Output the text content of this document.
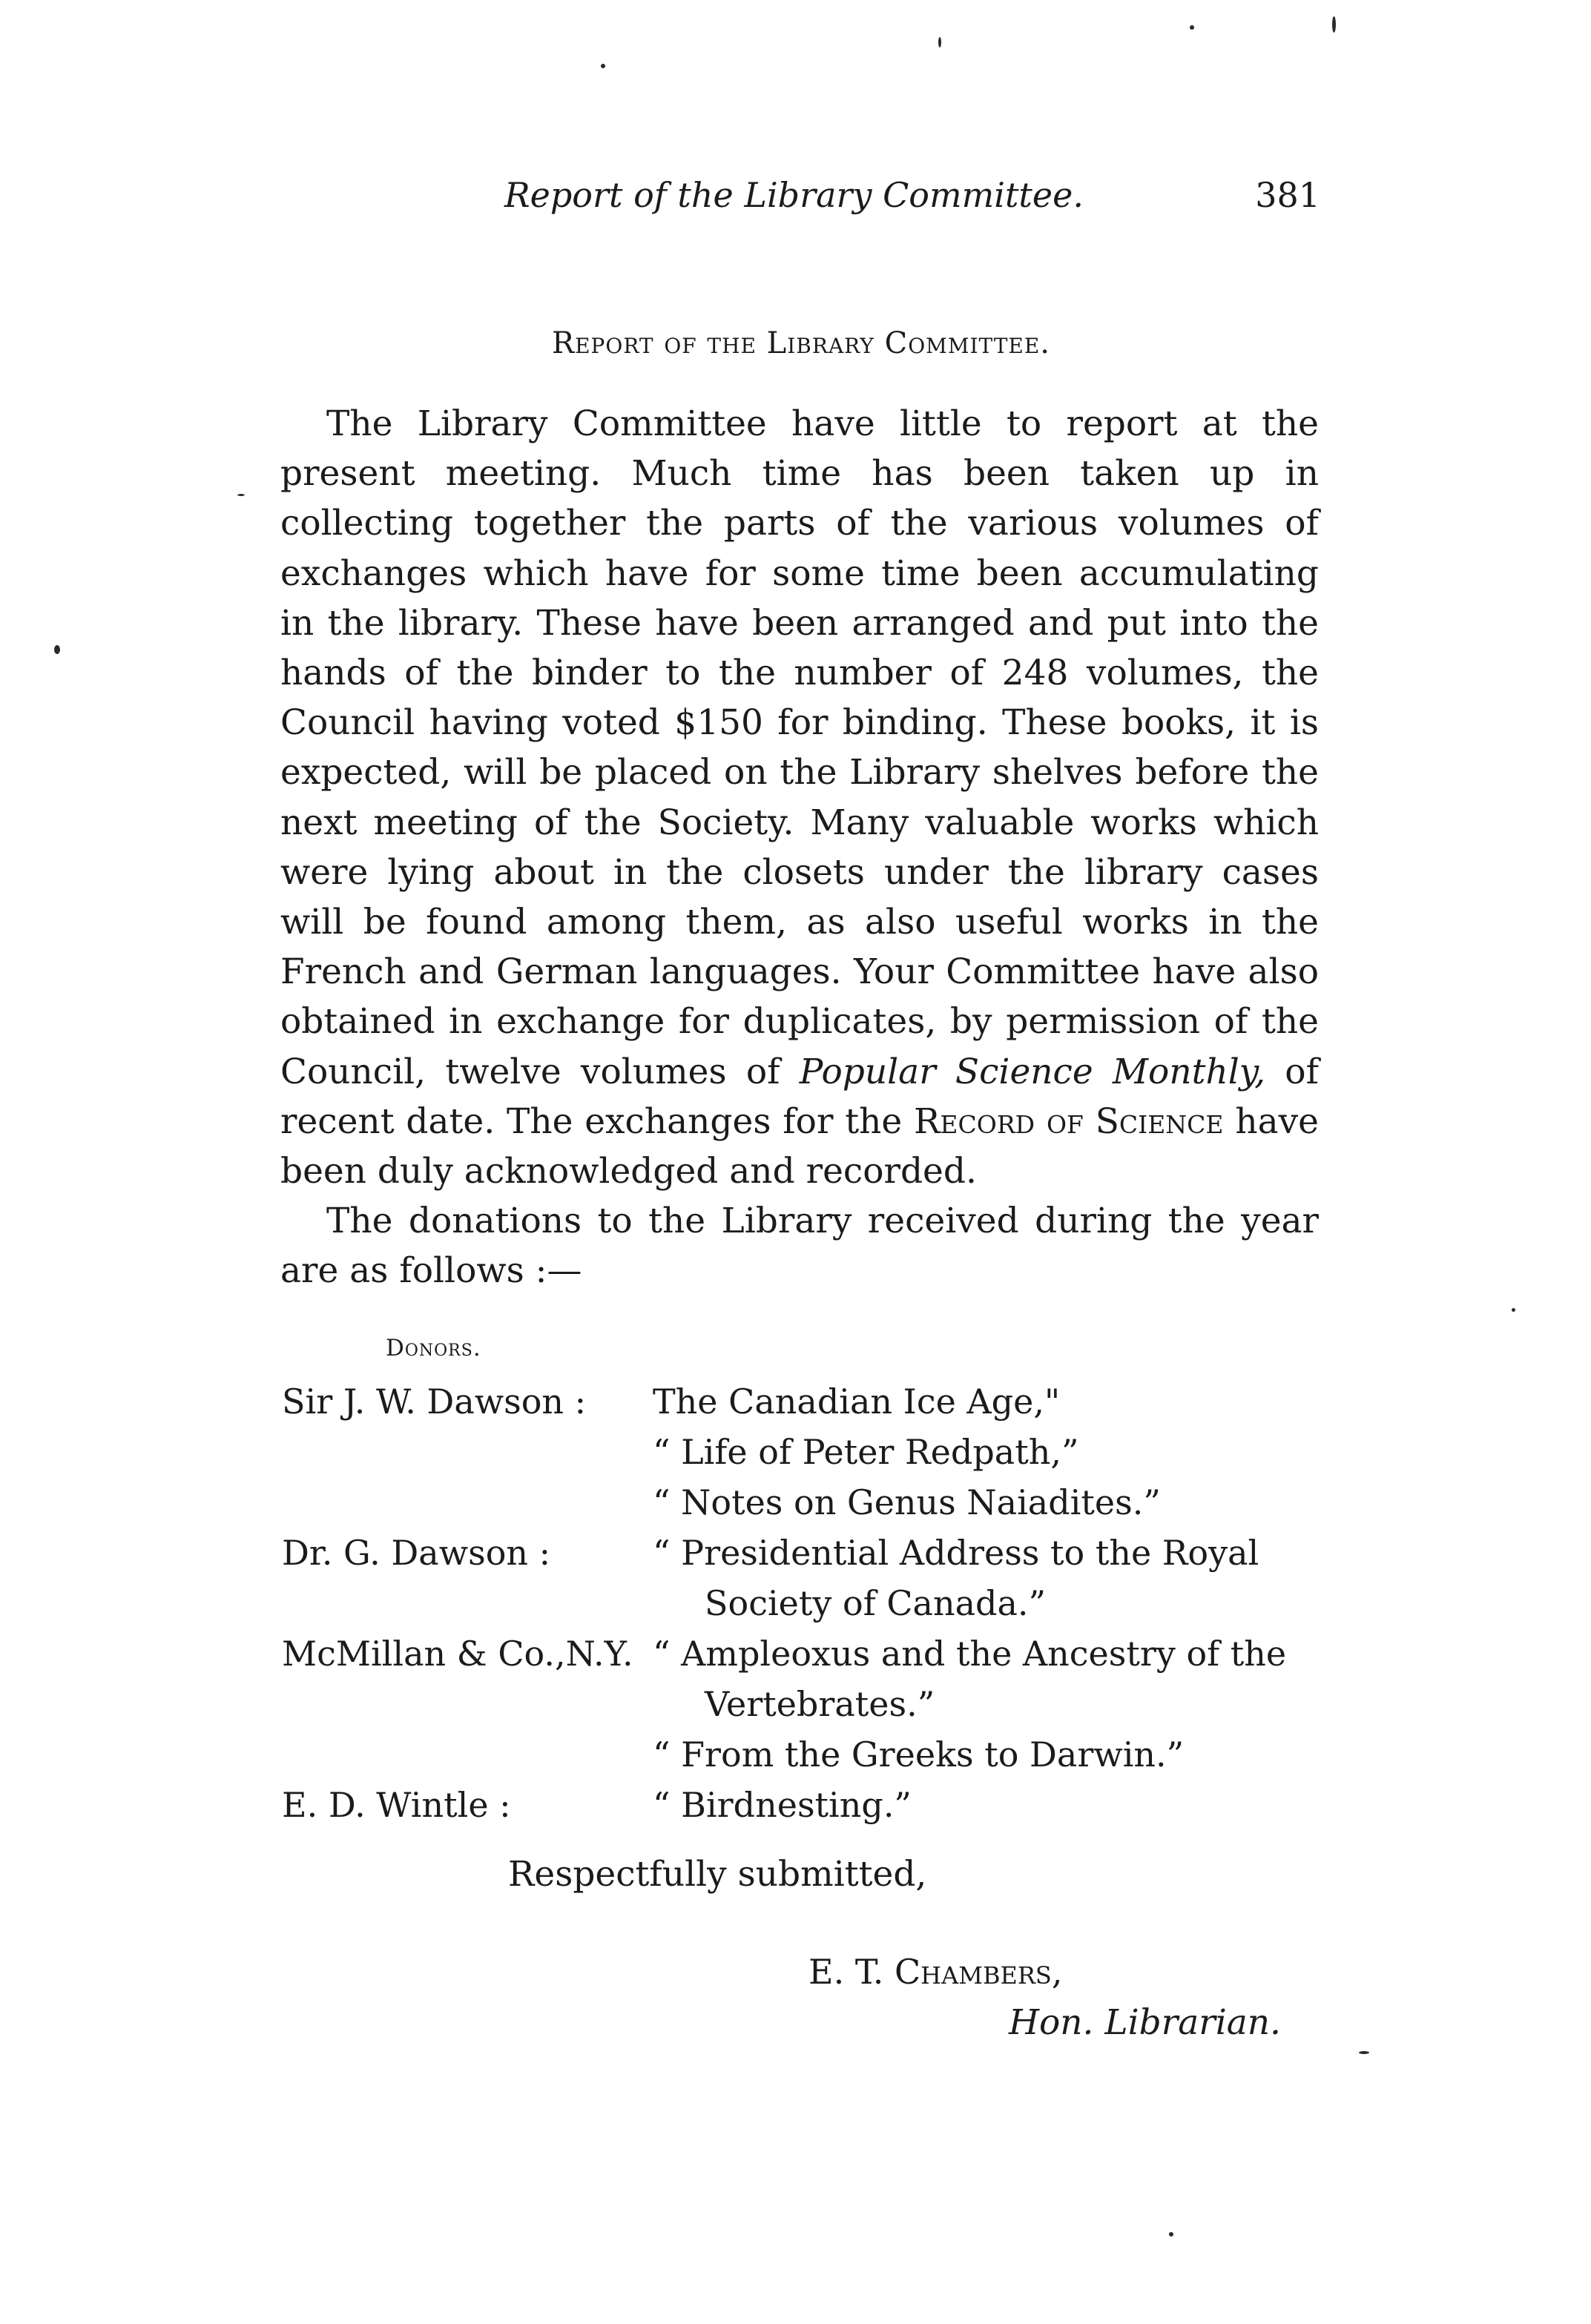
Report of the Library Committee.	381
Report of the Library Committee.

The Library Committee have little to report at the present meeting. Much time has been taken up in collecting together the parts of the various volumes of exchanges which have for some time been accumulating in the library. These have been arranged and put into the hands of the binder to the number of 248 volumes, the Council having voted $150 for binding. These books, it is expected, will be placed on the Library shelves before the next meeting of the Society. Many valuable works which were lying about in the closets under the library cases will be found among them, as also useful works in the French and German languages. Your Committee have also obtained in exchange for duplicates, by permission of the Council, twelve volumes of Popular Science Monthly, of recent date. The exchanges for the Record of Science have been duly acknowledged and recorded.

The donations to the Library received during the year are as follows :—

Donors.
Sir J. W. Dawson :	The Canadian Ice Age,"
“ Life of Peter Redpath,”
“ Notes on Genus Naiadites.”
Dr. G. Dawson :	“ Presidential Address to the Royal
Society of Canada.”
McMillan & Co.,N.Y. “ Ampleoxus and the Ancestry of the
Vertebrates.”
“ From the Greeks to Darwin.”
E. D. Wintle :	“ Birdnesting.”
Respectfully submitted,
E. T. Chambers,
Hon. Librarian.
